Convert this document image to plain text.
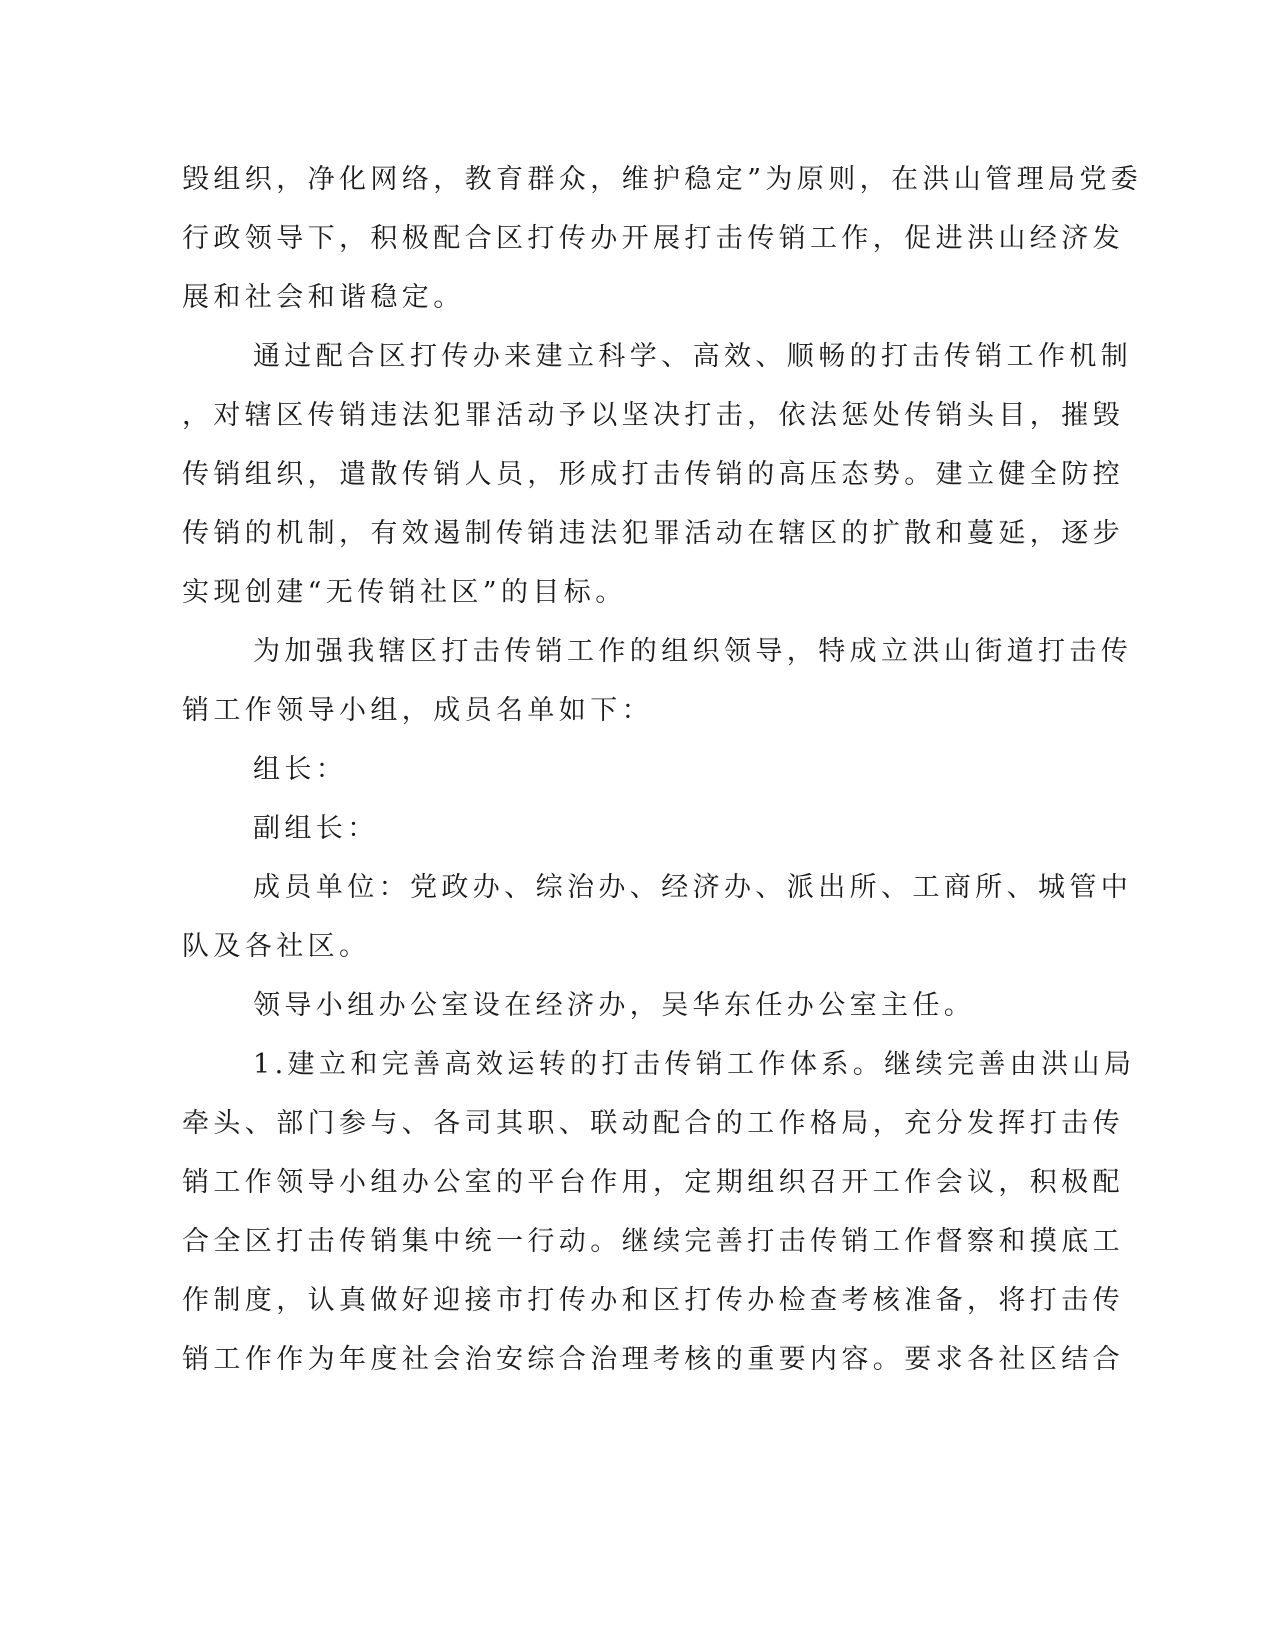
毁组织，净化网络，教育群众，维护稳定”为原则，在洪山管理局党委
行政领导下，积极配合区打传办开展打击传销工作，促进洪山经济发
展和社会和谐稳定。
通过配合区打传办来建立科学、高效、顺畅的打击传销工作机制
，对辖区传销违法犯罪活动予以坚决打击，依法惩处传销头目，摧毁
传销组织，遣散传销人员，形成打击传销的高压态势。建立健全防控
传销的机制，有效遏制传销违法犯罪活动在辖区的扩散和蔓延，逐步
实现创建“无传销社区”的目标。
为加强我辖区打击传销工作的组织领导，特成立洪山街道打击传
销工作领导小组，成员名单如下：
组长：
副组长：
成员单位：党政办、综治办、经济办、派出所、工商所、城管中
队及各社区。
领导小组办公室设在经济办，吴华东任办公室主任。
1.建立和完善高效运转的打击传销工作体系。继续完善由洪山局
牵头、部门参与、各司其职、联动配合的工作格局，充分发挥打击传
销工作领导小组办公室的平台作用，定期组织召开工作会议，积极配
合全区打击传销集中统一行动。继续完善打击传销工作督察和摸底工
作制度，认真做好迎接市打传办和区打传办检查考核准备，将打击传
销工作作为年度社会治安综合治理考核的重要内容。要求各社区结合
